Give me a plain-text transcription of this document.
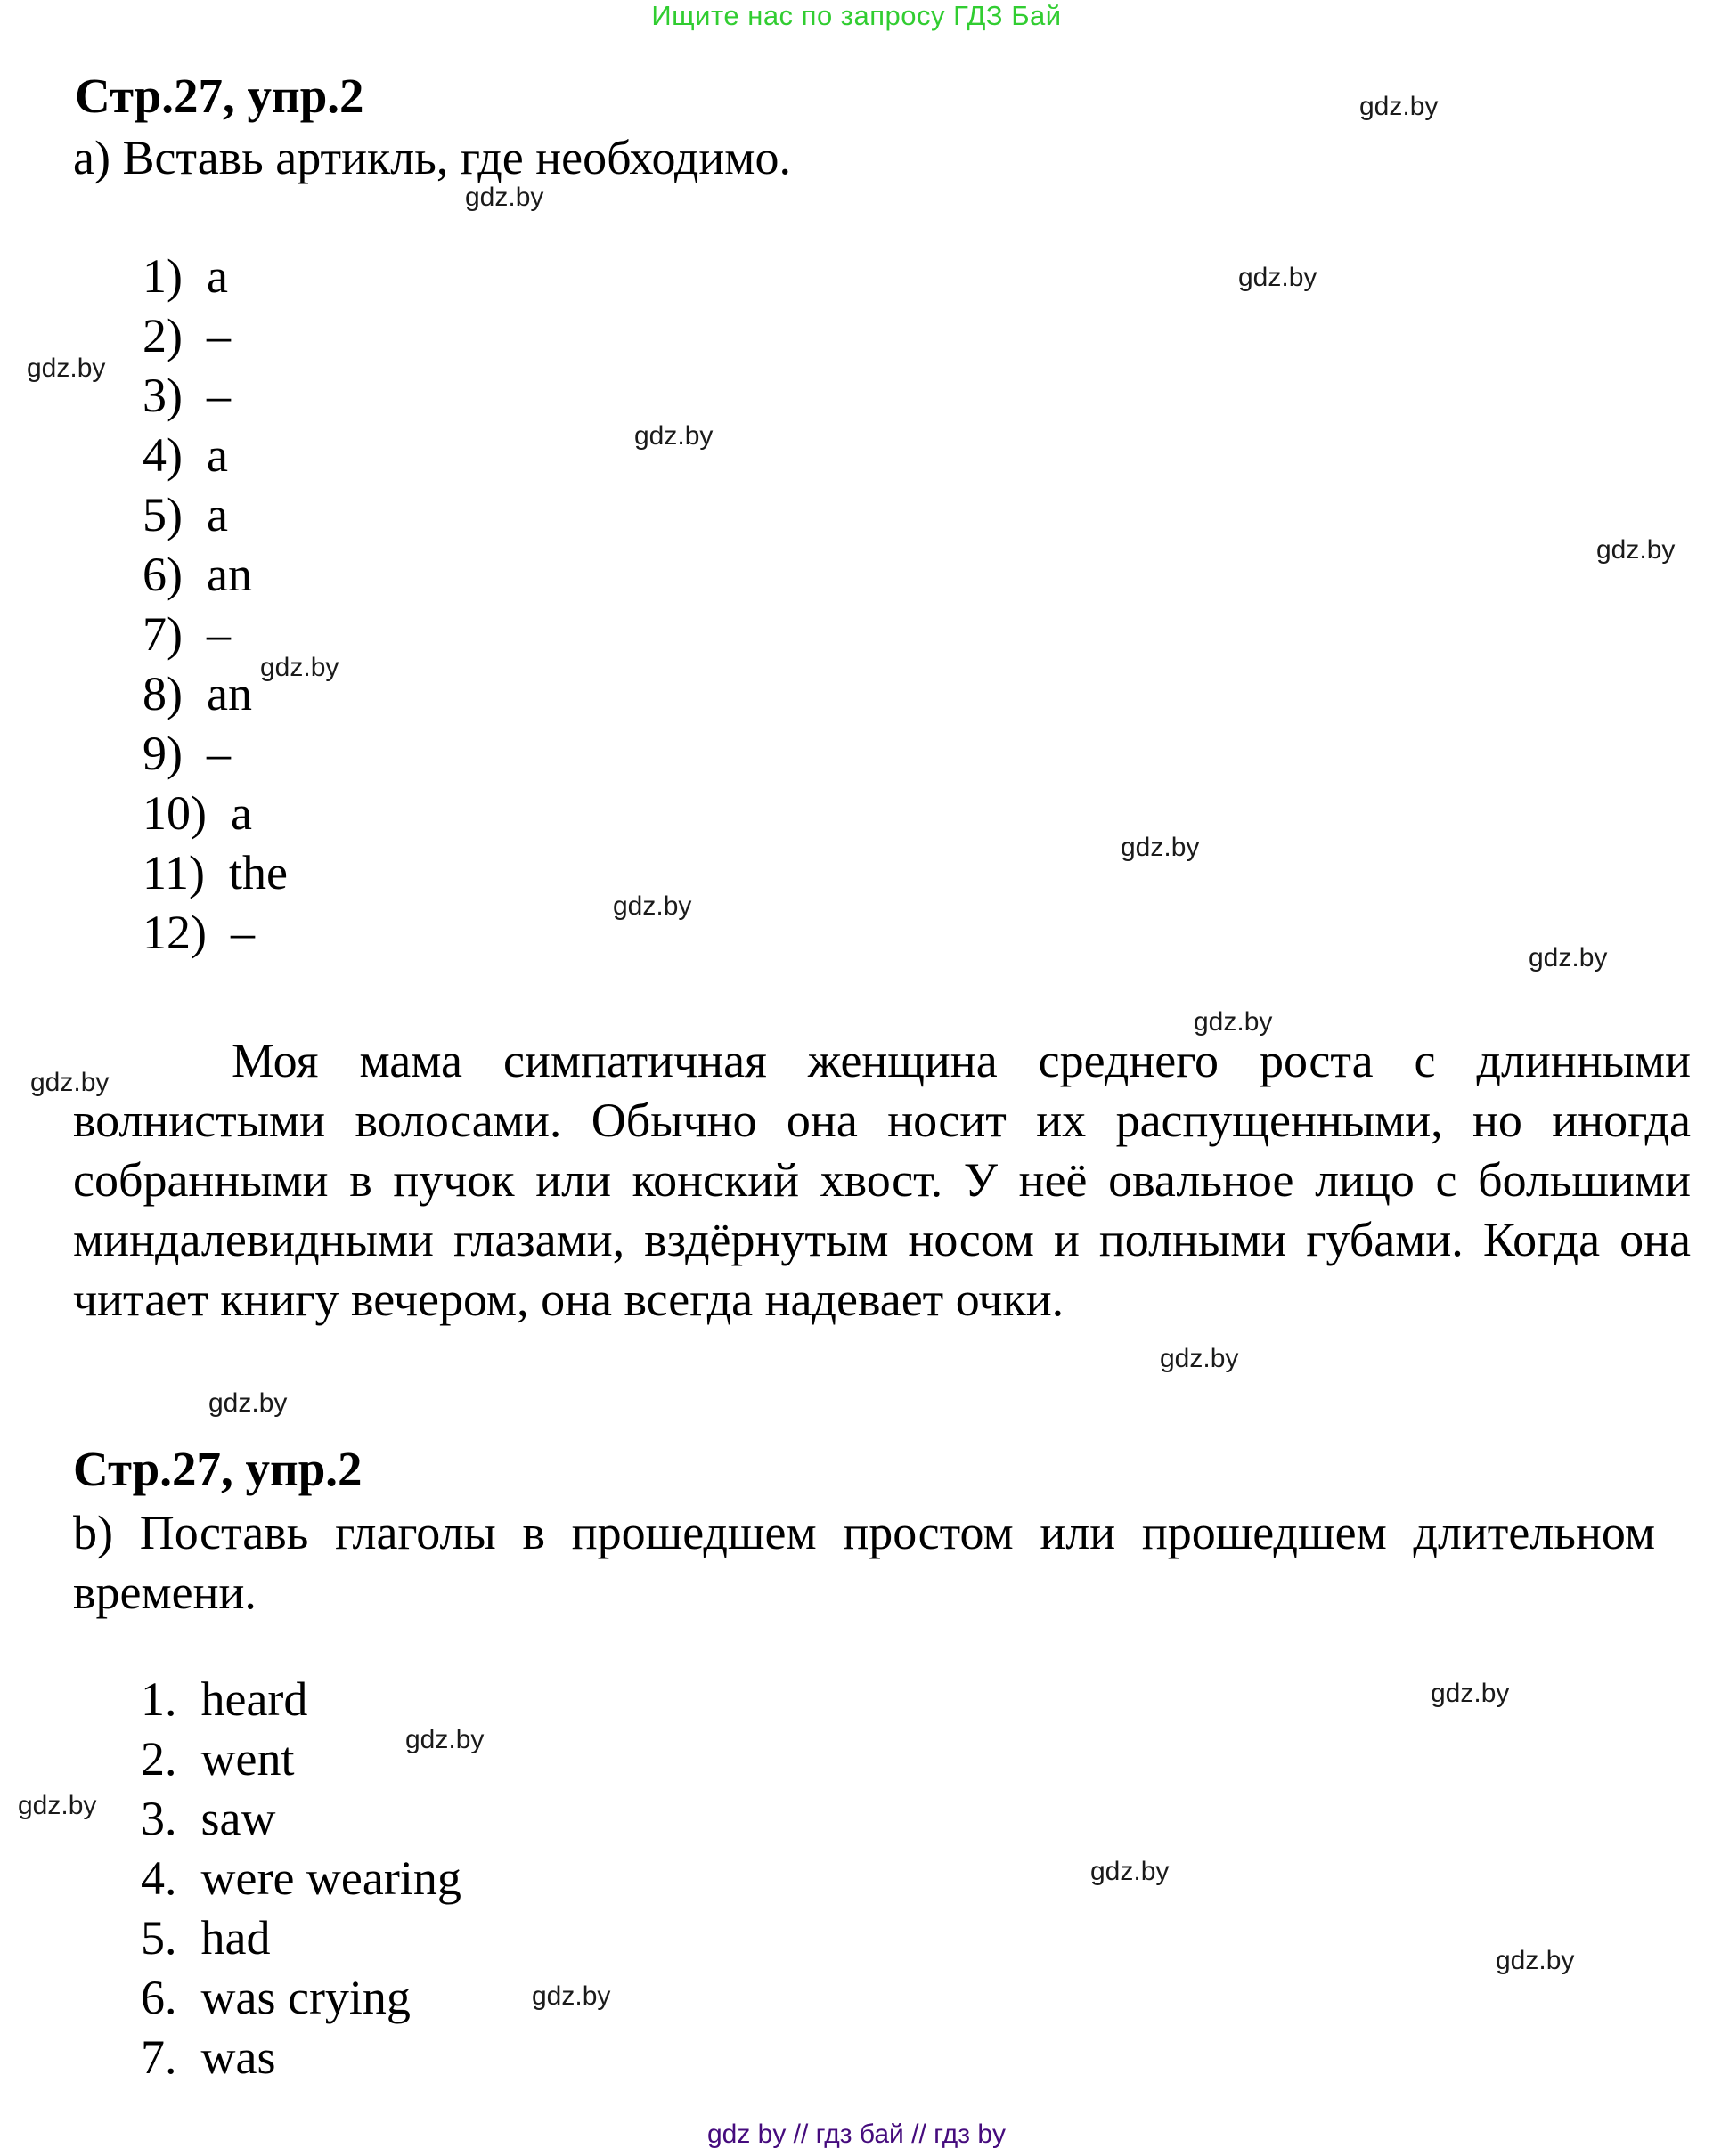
Ищите нас по запросу ГДЗ Бай
Стр.27, упр.2
а) Вставь артикль, где необходимо.
1) a
2) –
3) –
4) a
5) a
6) an
7) –
8) an
9) –
10) a
11) the
12) –

Моя мама симпатичная женщина среднего роста с длинными волнистыми волосами. Обычно она носит их распущенными, но иногда собранными в пучок или конский хвост. У неё овальное лицо с большими миндалевидными глазами, вздёрнутым носом и полными губами. Когда она читает книгу вечером, она всегда надевает очки.

Стр.27, упр.2
b) Поставь глаголы в прошедшем простом или прошедшем длительном времени.
1. heard
2. went
3. saw
4. were wearing
5. had
6. was crying
7. was
gdz.by
gdz.by
gdz.by
gdz.by
gdz.by
gdz.by
gdz.by
gdz.by
gdz.by
gdz.by
gdz.by
gdz.by
gdz.by
gdz.by
gdz.by
gdz.by
gdz.by
gdz.by
gdz.by
gdz.by
gdz by // гдз бай // гдз by
